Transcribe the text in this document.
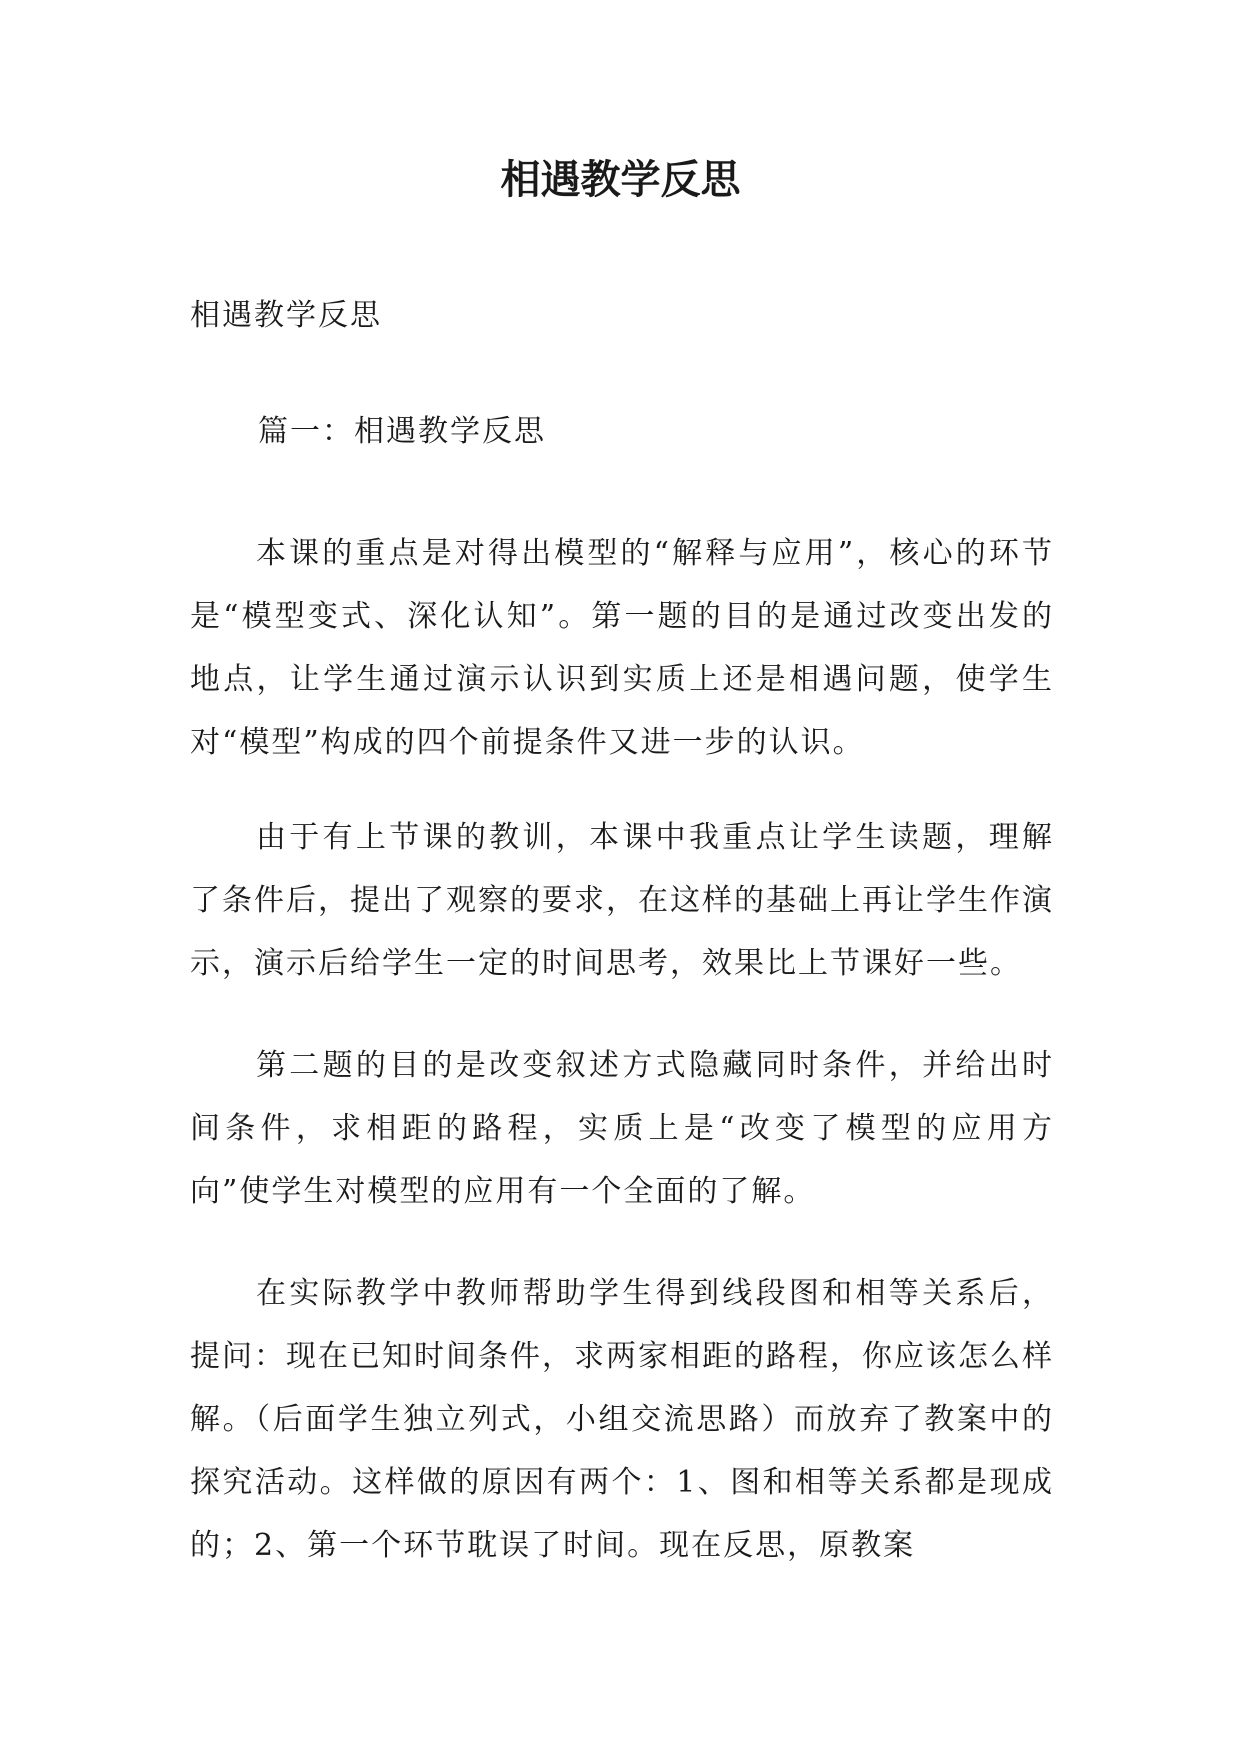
相遇教学反思
相遇教学反思
篇一：相遇教学反思

本课的重点是对得出模型的“解释与应用”，核心的环节是“模型变式、深化认知”。第一题的目的是通过改变出发的地点，让学生通过演示认识到实质上还是相遇问题，使学生对“模型”构成的四个前提条件又进一步的认识。

由于有上节课的教训，本课中我重点让学生读题，理解了条件后，提出了观察的要求，在这样的基础上再让学生作演示，演示后给学生一定的时间思考，效果比上节课好一些。

第二题的目的是改变叙述方式隐藏同时条件，并给出时间条件，求相距的路程，实质上是“改变了模型的应用方向”使学生对模型的应用有一个全面的了解。

在实际教学中教师帮助学生得到线段图和相等关系后，提问：现在已知时间条件，求两家相距的路程，你应该怎么样解。（后面学生独立列式，小组交流思路）而放弃了教案中的探究活动。这样做的原因有两个：1、图和相等关系都是现成的；2、第一个环节耽误了时间。现在反思，原教案
